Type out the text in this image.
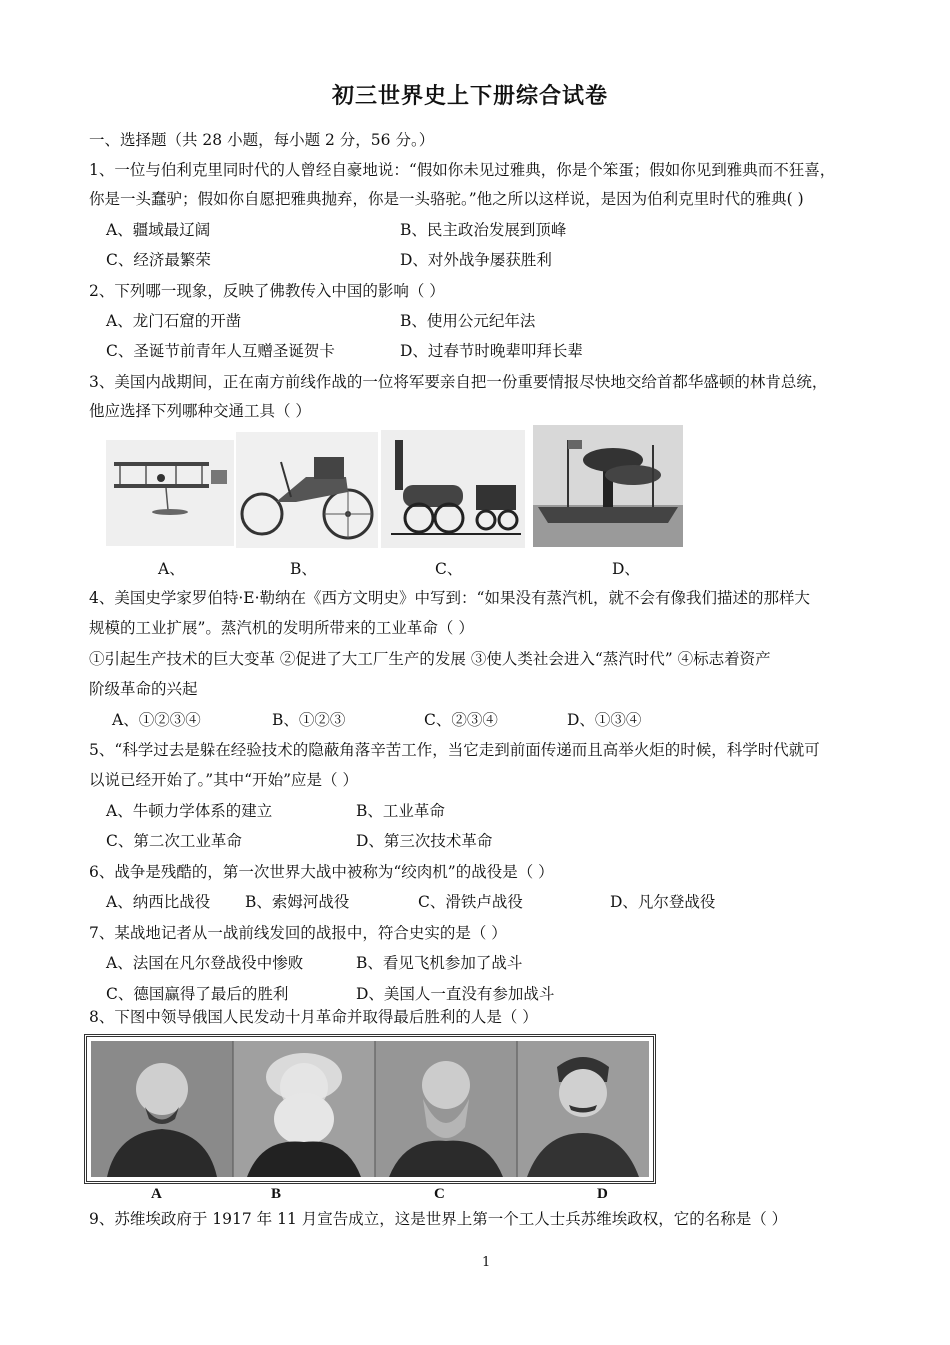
初三世界史上下册综合试卷
一、选择题（共 28 小题，每小题 2 分，56 分。）
1、一位与伯利克里同时代的人曾经自豪地说：“假如你未见过雅典，你是个笨蛋；假如你见到雅典而不狂喜，
你是一头蠢驴；假如你自愿把雅典抛弃，你是一头骆驼。”他之所以这样说，是因为伯利克里时代的雅典( )
A、疆域最辽阔	B、民主政治发展到顶峰
C、经济最繁荣	D、对外战争屡获胜利
2、下列哪一现象，反映了佛教传入中国的影响（ ）
A、龙门石窟的开凿	B、使用公元纪年法
C、圣诞节前青年人互赠圣诞贺卡	D、过春节时晚辈叩拜长辈
3、美国内战期间，正在南方前线作战的一位将军要亲自把一份重要情报尽快地交给首都华盛顿的林肯总统，
他应选择下列哪种交通工具（ ）
A、	B、	C、	D、
4、美国史学家罗伯特·E·勒纳在《西方文明史》中写到：“如果没有蒸汽机，就不会有像我们描述的那样大
规模的工业扩展”。蒸汽机的发明所带来的工业革命（ ）
①引起生产技术的巨大变革 ②促进了大工厂生产的发展 ③使人类社会进入“蒸汽时代” ④标志着资产
阶级革命的兴起
A、①②③④	B、①②③	C、②③④	D、①③④
5、“科学过去是躲在经验技术的隐蔽角落辛苦工作，当它走到前面传递而且高举火炬的时候，科学时代就可
以说已经开始了。”其中“开始”应是（ ）
A、牛顿力学体系的建立	B、工业革命
C、第二次工业革命	D、第三次技术革命
6、战争是残酷的，第一次世界大战中被称为“绞肉机”的战役是（ ）
A、纳西比战役 B、索姆河战役	C、滑铁卢战役	D、凡尔登战役
7、某战地记者从一战前线发回的战报中，符合史实的是（ ）
A、法国在凡尔登战役中惨败	B、看见飞机参加了战斗
C、德国赢得了最后的胜利	D、美国人一直没有参加战斗
8、下图中领导俄国人民发动十月革命并取得最后胜利的人是（ ）
A	B	C	D
9、苏维埃政府于 1917 年 11 月宣告成立，这是世界上第一个工人士兵苏维埃政权，它的名称是（ ）
1
